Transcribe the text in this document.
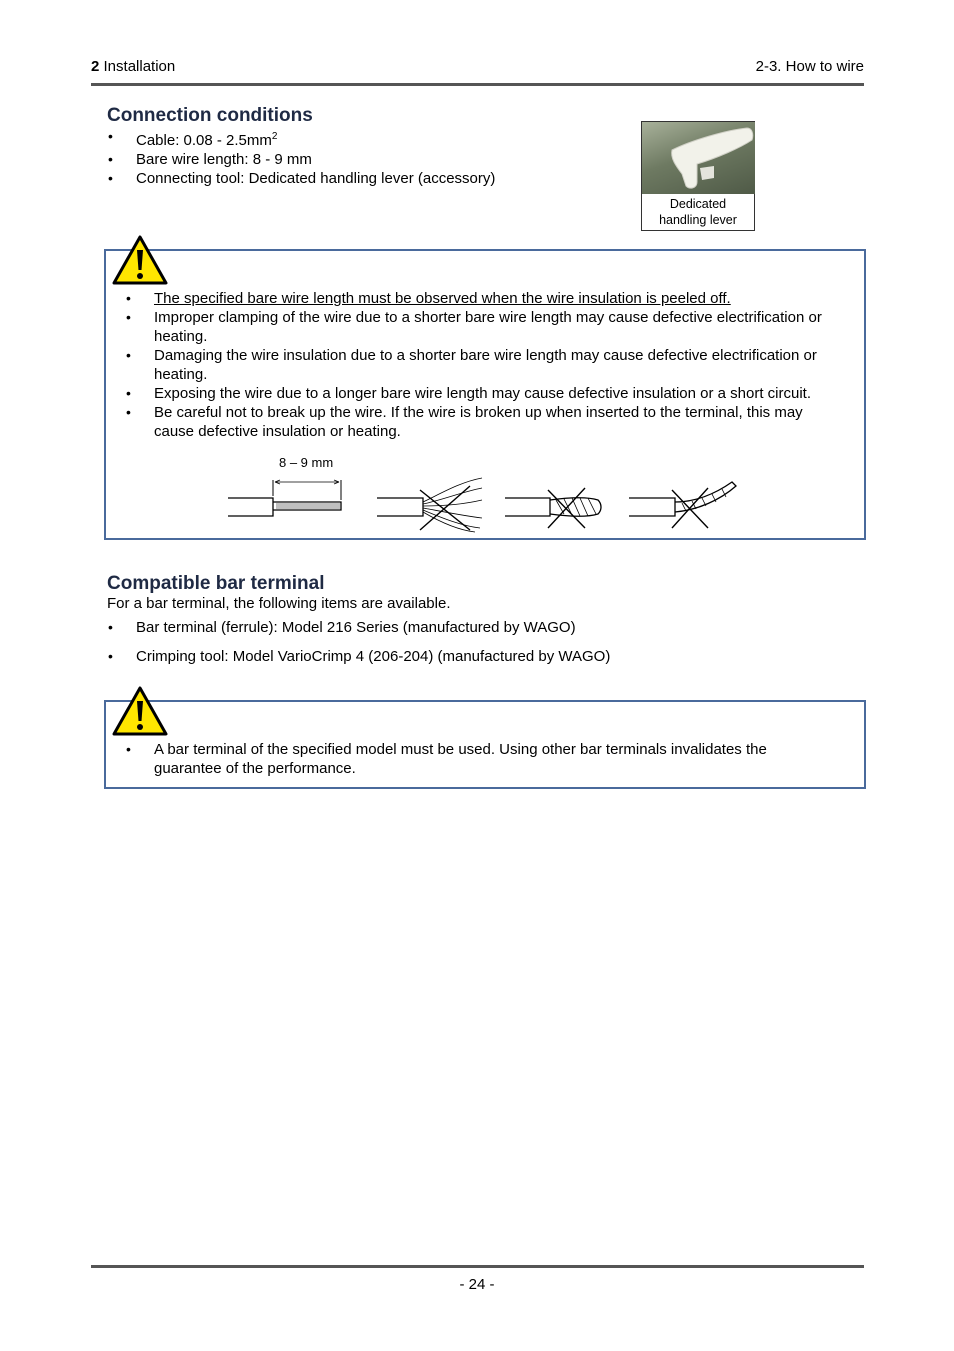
2 Installation	2-3. How to wire
Connection conditions
• Cable: $0.08 - 2.5mm^2$
• Bare wire length: 8 - 9 mm
• Connecting tool: Dedicated handling lever (accessory)
Dedicated
handling lever
• The specified bare wire length must be observed when the wire insulation is peeled off.
• Improper clamping of the wire due to a shorter bare wire length may cause defective electrification or
heating.
• Damaging the wire insulation due to a shorter bare wire length may cause defective electrification or
heating.
• Exposing the wire due to a longer bare wire length may cause defective insulation or a short circuit.
• Be careful not to break up the wire. If the wire is broken up when inserted to the terminal, this may
cause defective insulation or heating.
8 – 9 mm
Compatible bar terminal
For a bar terminal, the following items are available.
• Bar terminal (ferrule): Model 216 Series (manufactured by WAGO)
• Crimping tool: Model VarioCrimp 4 (206-204) (manufactured by WAGO)
• A bar terminal of the specified model must be used. Using other bar terminals invalidates the
guarantee of the performance.
- 24 -
